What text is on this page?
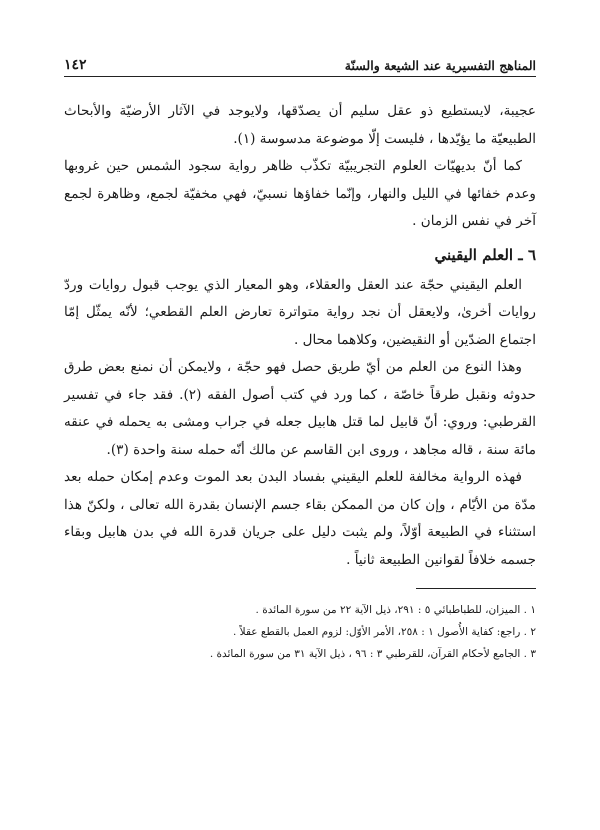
المناهج التفسيرية عند الشيعة والسنّة
١٤٢

عجيبة، لايستطيع ذو عقل سليم أن يصدّقها، ولايوجد في الآثار الأرضيّة والأبحاث الطبيعيّة ما يؤيّدها ، فليست إلّا موضوعة مدسوسة (١).

كما أنّ بديهيّات العلوم التجريبيّة تكذّب ظاهر رواية سجود الشمس حين غروبها وعدم خفائها في الليل والنهار، وإنّما خفاؤها نسبيّ، فهي مخفيّة لجمع، وظاهرة لجمع آخر في نفس الزمان .

٦ ـ العلم اليقيني

العلم اليقيني حجّة عند العقل والعقلاء، وهو المعيار الذي يوجب قبول روايات وردّ روايات أخرىٰ، ولايعقل أن نجد رواية متواترة تعارض العلم القطعي؛ لأنّه يمثّل إمّا اجتماع الضدّين أو النقيضين، وكلاهما محال .

وهذا النوع من العلم من أيّ طريق حصل فهو حجّة ، ولايمكن أن نمنع بعض طرق حدوثه ونقبل طرقاً خاصّة ، كما ورد في كتب أصول الفقه (٢). فقد جاء في تفسير القرطبي: وروي: أنّ قابيل لما قتل هابيل جعله في جراب ومشى به يحمله في عنقه مائة سنة ، قاله مجاهد ، وروى ابن القاسم عن مالك أنّه حمله سنة واحدة (٣).

فهذه الرواية مخالفة للعلم اليقيني بفساد البدن بعد الموت وعدم إمكان حمله بعد مدّة من الأيّام ، وإن كان من الممكن بقاء جسم الإنسان بقدرة الله تعالى ، ولكنّ هذا استثناء في الطبيعة أوّلاً، ولم يثبت دليل على جريان قدرة الله في بدن هابيل وبقاء جسمه خلافاً لقوانين الطبيعة ثانياً .

١ . الميزان، للطباطبائي ٥ : ٢٩١، ذيل الآية ٢٢ من سورة المائدة .

٢ . راجع: كفاية الأُصول ١ : ٢٥٨، الأمر الأوّل: لزوم العمل بالقطع عقلاً .

٣ . الجامع لأحكام القرآن، للقرطبي ٣ : ٩٦ ، ذيل الآية ٣١ من سورة المائدة .
